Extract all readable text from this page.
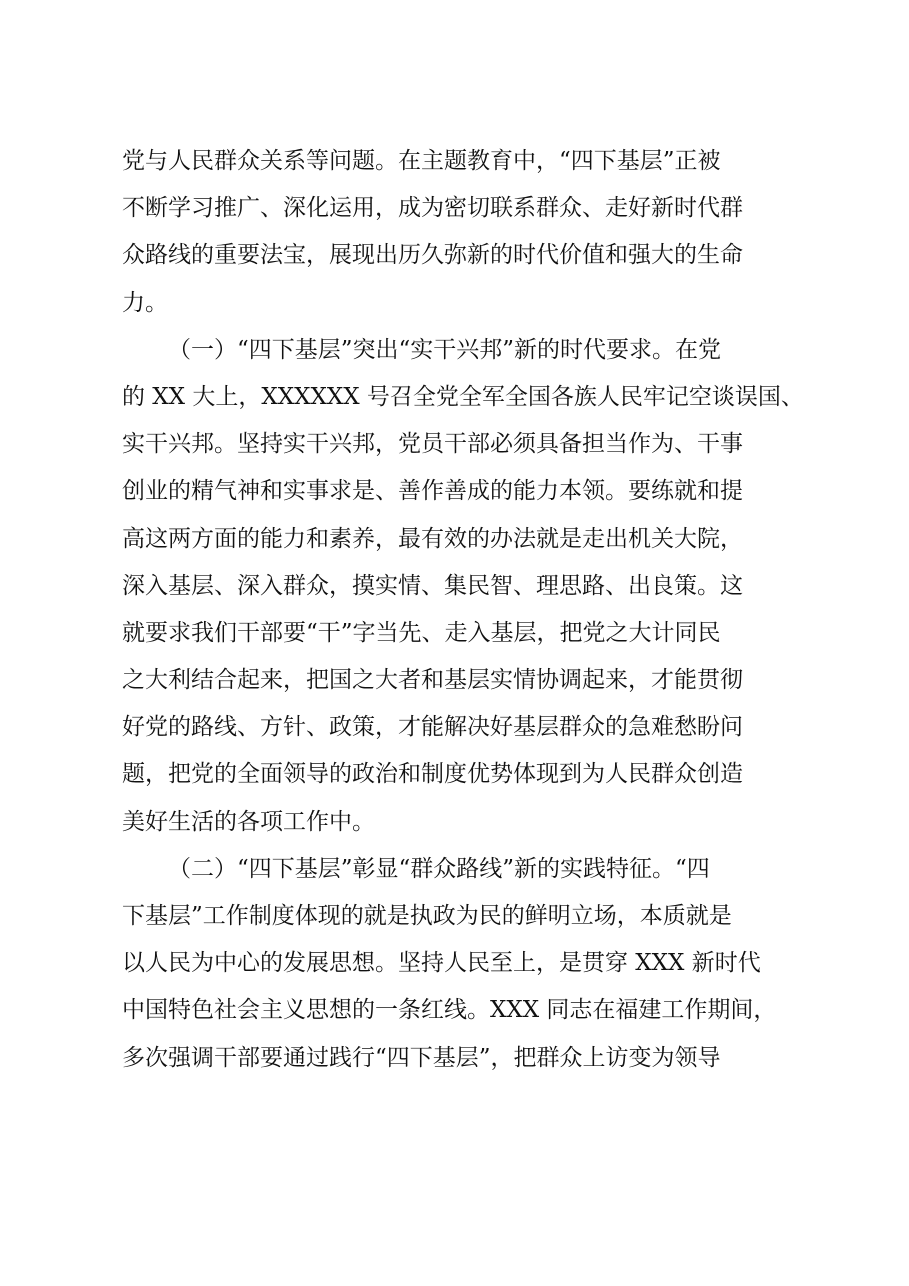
党与人民群众关系等问题。在主题教育中，“四下基层”正被
不断学习推广、深化运用，成为密切联系群众、走好新时代群
众路线的重要法宝，展现出历久弥新的时代价值和强大的生命
力。
（一）“四下基层”突出“实干兴邦”新的时代要求。在党
的 XX 大上，XXXXXX 号召全党全军全国各族人民牢记空谈误国、
实干兴邦。坚持实干兴邦，党员干部必须具备担当作为、干事
创业的精气神和实事求是、善作善成的能力本领。要练就和提
高这两方面的能力和素养，最有效的办法就是走出机关大院，
深入基层、深入群众，摸实情、集民智、理思路、出良策。这
就要求我们干部要“干”字当先、走入基层，把党之大计同民
之大利结合起来，把国之大者和基层实情协调起来，才能贯彻
好党的路线、方针、政策，才能解决好基层群众的急难愁盼问
题，把党的全面领导的政治和制度优势体现到为人民群众创造
美好生活的各项工作中。
（二）“四下基层”彰显“群众路线”新的实践特征。“四
下基层”工作制度体现的就是执政为民的鲜明立场，本质就是
以人民为中心的发展思想。坚持人民至上，是贯穿 XXX 新时代
中国特色社会主义思想的一条红线。XXX 同志在福建工作期间，
多次强调干部要通过践行“四下基层”，把群众上访变为领导
